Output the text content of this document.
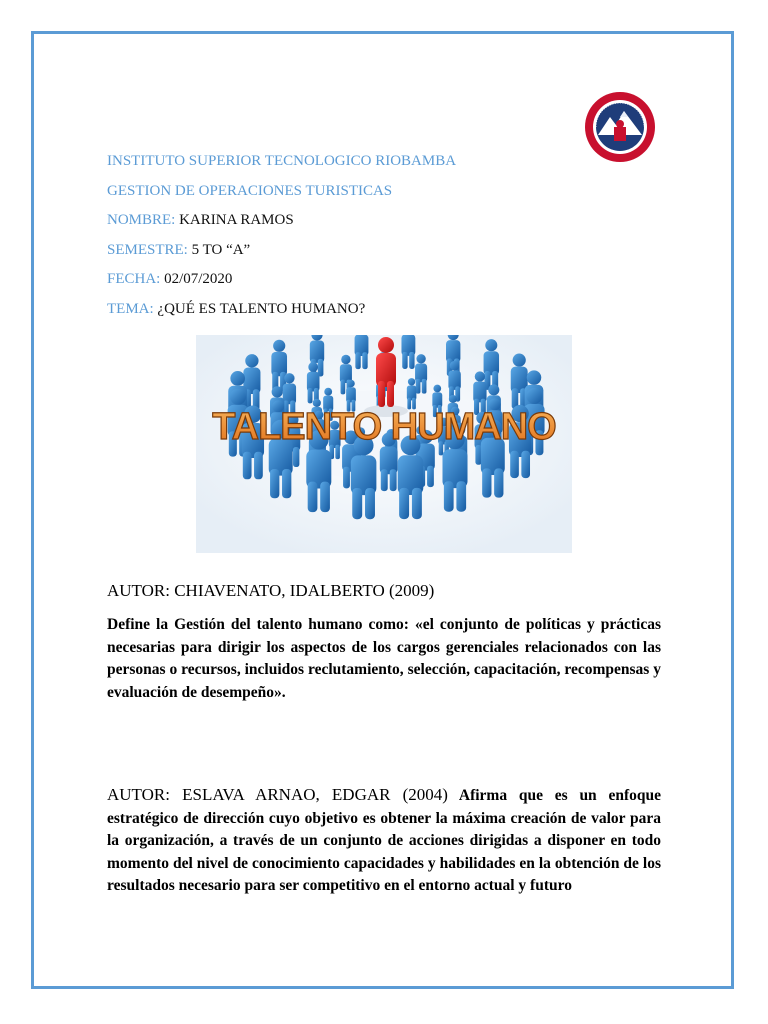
INSTITUTO SUPERIOR TECNOLOGICO RIOBAMBA
GESTION DE OPERACIONES TURISTICAS
NOMBRE: KARINA RAMOS
SEMESTRE: 5 TO “A”
FECHA: 02/07/2020
TEMA: ¿QUÉ ES TALENTO HUMANO?
TALENTO HUMANO

AUTOR: CHIAVENATO, IDALBERTO (2009)

Define la Gestión del talento humano como: «el conjunto de políticas y prácticas necesarias para dirigir los aspectos de los cargos gerenciales relacionados con las personas o recursos, incluidos reclutamiento, selección, capacitación, recompensas y evaluación de desempeño».

AUTOR: ESLAVA ARNAO, EDGAR (2004) Afirma que es un enfoque estratégico de dirección cuyo objetivo es obtener la máxima creación de valor para la organización, a través de un conjunto de acciones dirigidas a disponer en todo momento del nivel de conocimiento capacidades y habilidades en la obtención de los resultados necesario para ser competitivo en el entorno actual y futuro
